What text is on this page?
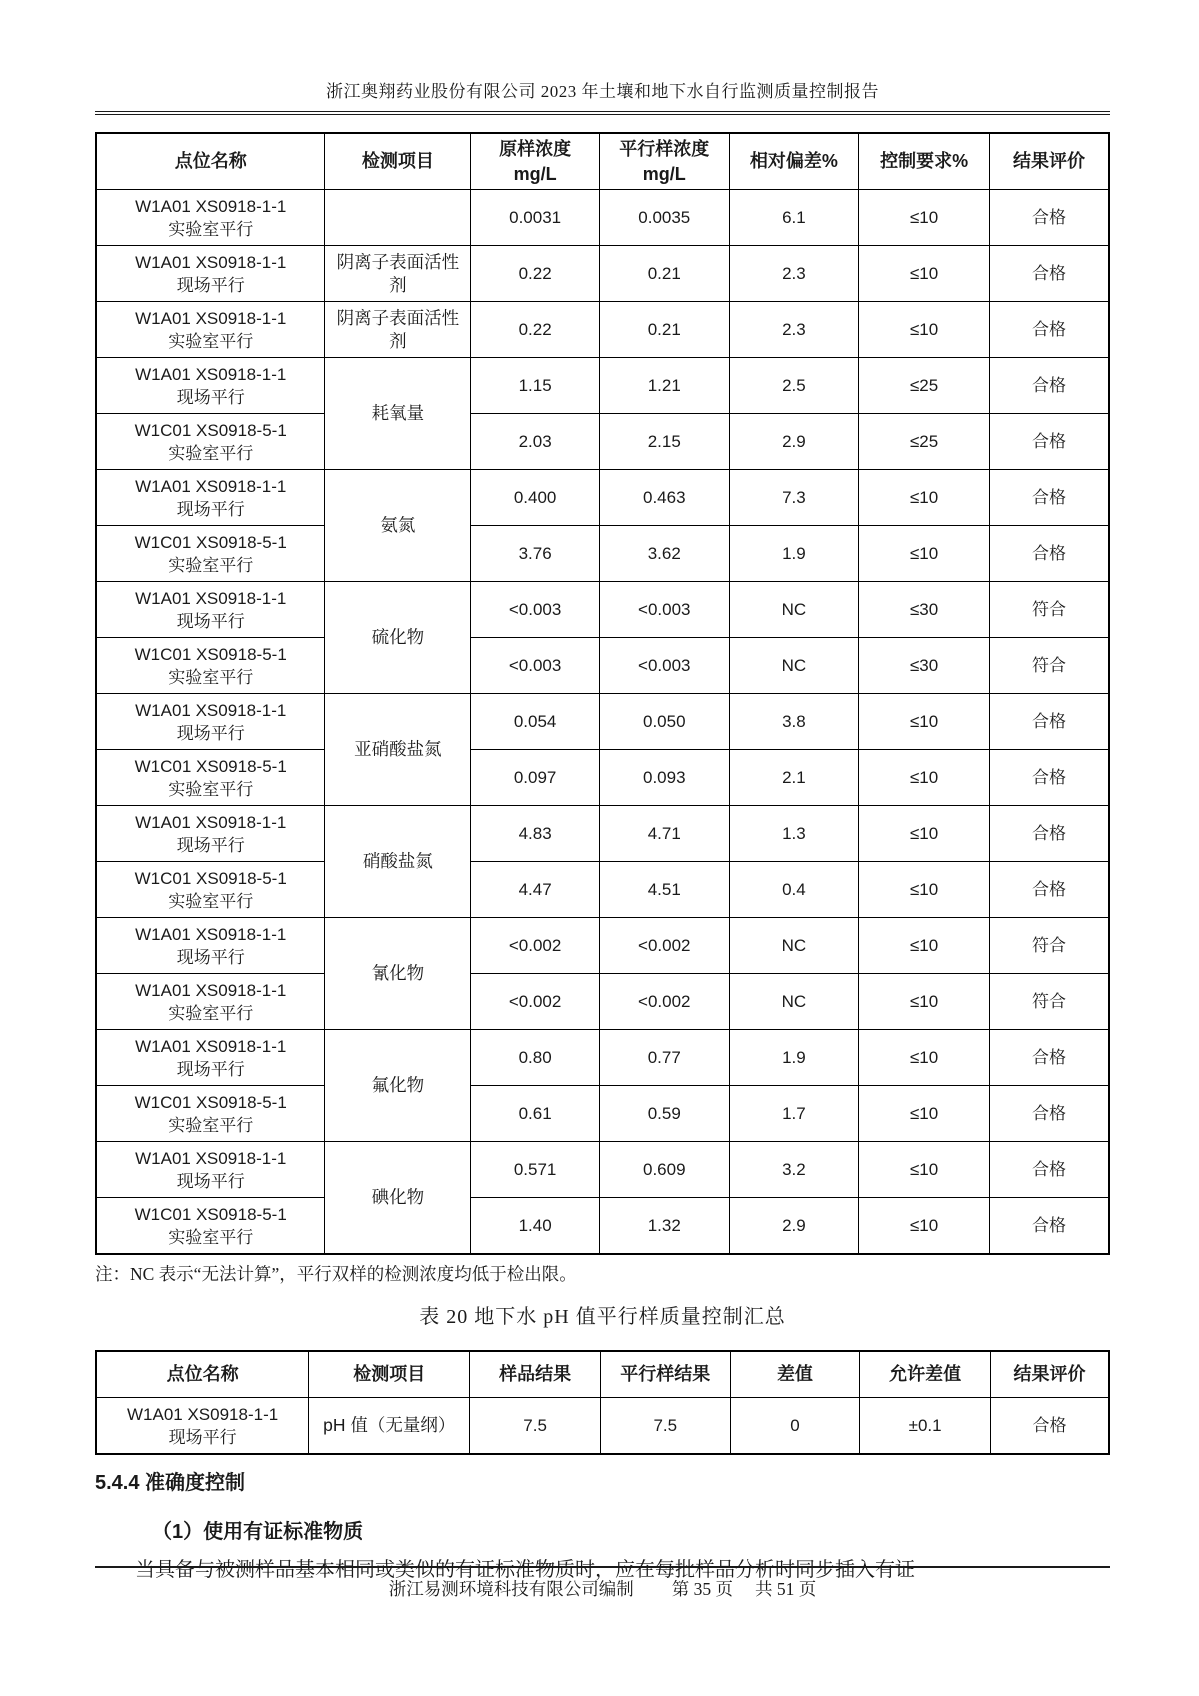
浙江奥翔药业股份有限公司 2023 年土壤和地下水自行监测质量控制报告
点位名称	检测项目	原样浓度
mg/L	平行样浓度
mg/L	相对偏差%	控制要求%	结果评价
W1A01 XS0918-1-1
实验室平行		0.0031	0.0035	6.1	≤10	合格
W1A01 XS0918-1-1
现场平行	阴离子表面活性剂	0.22	0.21	2.3	≤10	合格
W1A01 XS0918-1-1
实验室平行	阴离子表面活性剂	0.22	0.21	2.3	≤10	合格
W1A01 XS0918-1-1
现场平行	耗氧量	1.15	1.21	2.5	≤25	合格
W1C01 XS0918-5-1
实验室平行		2.03	2.15	2.9	≤25	合格
W1A01 XS0918-1-1
现场平行	氨氮	0.400	0.463	7.3	≤10	合格
W1C01 XS0918-5-1
实验室平行		3.76	3.62	1.9	≤10	合格
W1A01 XS0918-1-1
现场平行	硫化物	<0.003	<0.003	NC	≤30	符合
W1C01 XS0918-5-1
实验室平行		<0.003	<0.003	NC	≤30	符合
W1A01 XS0918-1-1
现场平行	亚硝酸盐氮	0.054	0.050	3.8	≤10	合格
W1C01 XS0918-5-1
实验室平行		0.097	0.093	2.1	≤10	合格
W1A01 XS0918-1-1
现场平行	硝酸盐氮	4.83	4.71	1.3	≤10	合格
W1C01 XS0918-5-1
实验室平行		4.47	4.51	0.4	≤10	合格
W1A01 XS0918-1-1
现场平行	氰化物	<0.002	<0.002	NC	≤10	符合
W1A01 XS0918-1-1
实验室平行		<0.002	<0.002	NC	≤10	符合
W1A01 XS0918-1-1
现场平行	氟化物	0.80	0.77	1.9	≤10	合格
W1C01 XS0918-5-1
实验室平行		0.61	0.59	1.7	≤10	合格
W1A01 XS0918-1-1
现场平行	碘化物	0.571	0.609	3.2	≤10	合格
W1C01 XS0918-5-1
实验室平行		1.40	1.32	2.9	≤10	合格
注：NC 表示“无法计算”，平行双样的检测浓度均低于检出限。
表 20 地下水 pH 值平行样质量控制汇总
点位名称	检测项目	样品结果	平行样结果	差值	允许差值	结果评价
W1A01 XS0918-1-1
现场平行	pH 值（无量纲）	7.5	7.5	0	±0.1	合格
5.4.4 准确度控制
（1）使用有证标准物质
当具备与被测样品基本相同或类似的有证标准物质时，应在每批样品分析时同步插入有证
浙江易测环境科技有限公司编制 第 35 页 共 51 页
